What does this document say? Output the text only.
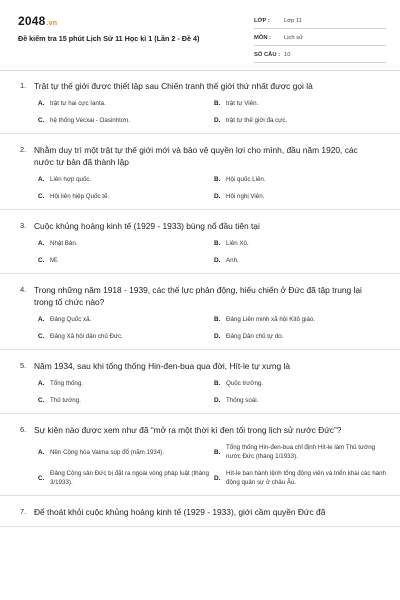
2048.vn
Đề kiểm tra 15 phút Lịch Sử 11 Học kì 1 (Lần 2 - Đề 4)
LỚP :	Lớp 11
MÔN :	Lịch sử
SỐ CÂU : 10
1. Trật tự thế giới được thiết lập sau Chiến tranh thế giới thứ nhất được gọi là
A. trật tự hai cực Ianta.	B. trật tự Viên.
C. hệ thống Vecxai - Oasinhtơn.	D. trật tự thế giới đa cực.
2. Nhằm duy trì một trật tự thế giới mới và bảo vệ quyền lợi cho mình, đầu năm 1920, các nước tư bản đã thành lập
A. Liên hợp quốc.	B. Hội quốc Liên.
C. Hội liên hiệp Quốc tế.	D. Hội nghị Viên.
3. Cuộc khủng hoảng kinh tế (1929 - 1933) bùng nổ đầu tiên tại
A. Nhật Bản.	B. Liên Xô.
C. Mĩ.	D. Anh.
4. Trong những năm 1918 - 1939, các thế lực phản động, hiếu chiến ở Đức đã tập trung lại trong tổ chức nào?
A. Đảng Quốc xã.	B. Đảng Liên minh xã hội Kitô giáo.
C. Đảng Xã hội dân chủ Đức.	D. Đảng Dân chủ tự do.
5. Năm 1934, sau khi tổng thống Hin-đen-bua qua đời, Hít-le tự xưng là
A. Tổng thống.	B. Quốc trưởng.
C. Thủ tướng.	D. Thống soái.
6. Sự kiện nào được xem như đã “mở ra một thời kì đen tối trong lịch sử nước Đức”?
A. Nền Cộng hòa Vaima sụp đổ (năm 1934).	B.
Tổng thống Hin-đen-bua chỉ định Hít-le làm Thủ tướng nước Đức (tháng 1/1933).
C.
Đảng Cộng sản Đức bị đặt ra ngoài vòng pháp luật (tháng 3/1933).
D.
Hít-le ban hành lệnh tổng động viên và triển khai các hành động quân sự ở châu Âu.
7. Để thoát khỏi cuộc khủng hoảng kinh tế (1929 - 1933), giới cầm quyền Đức đã
